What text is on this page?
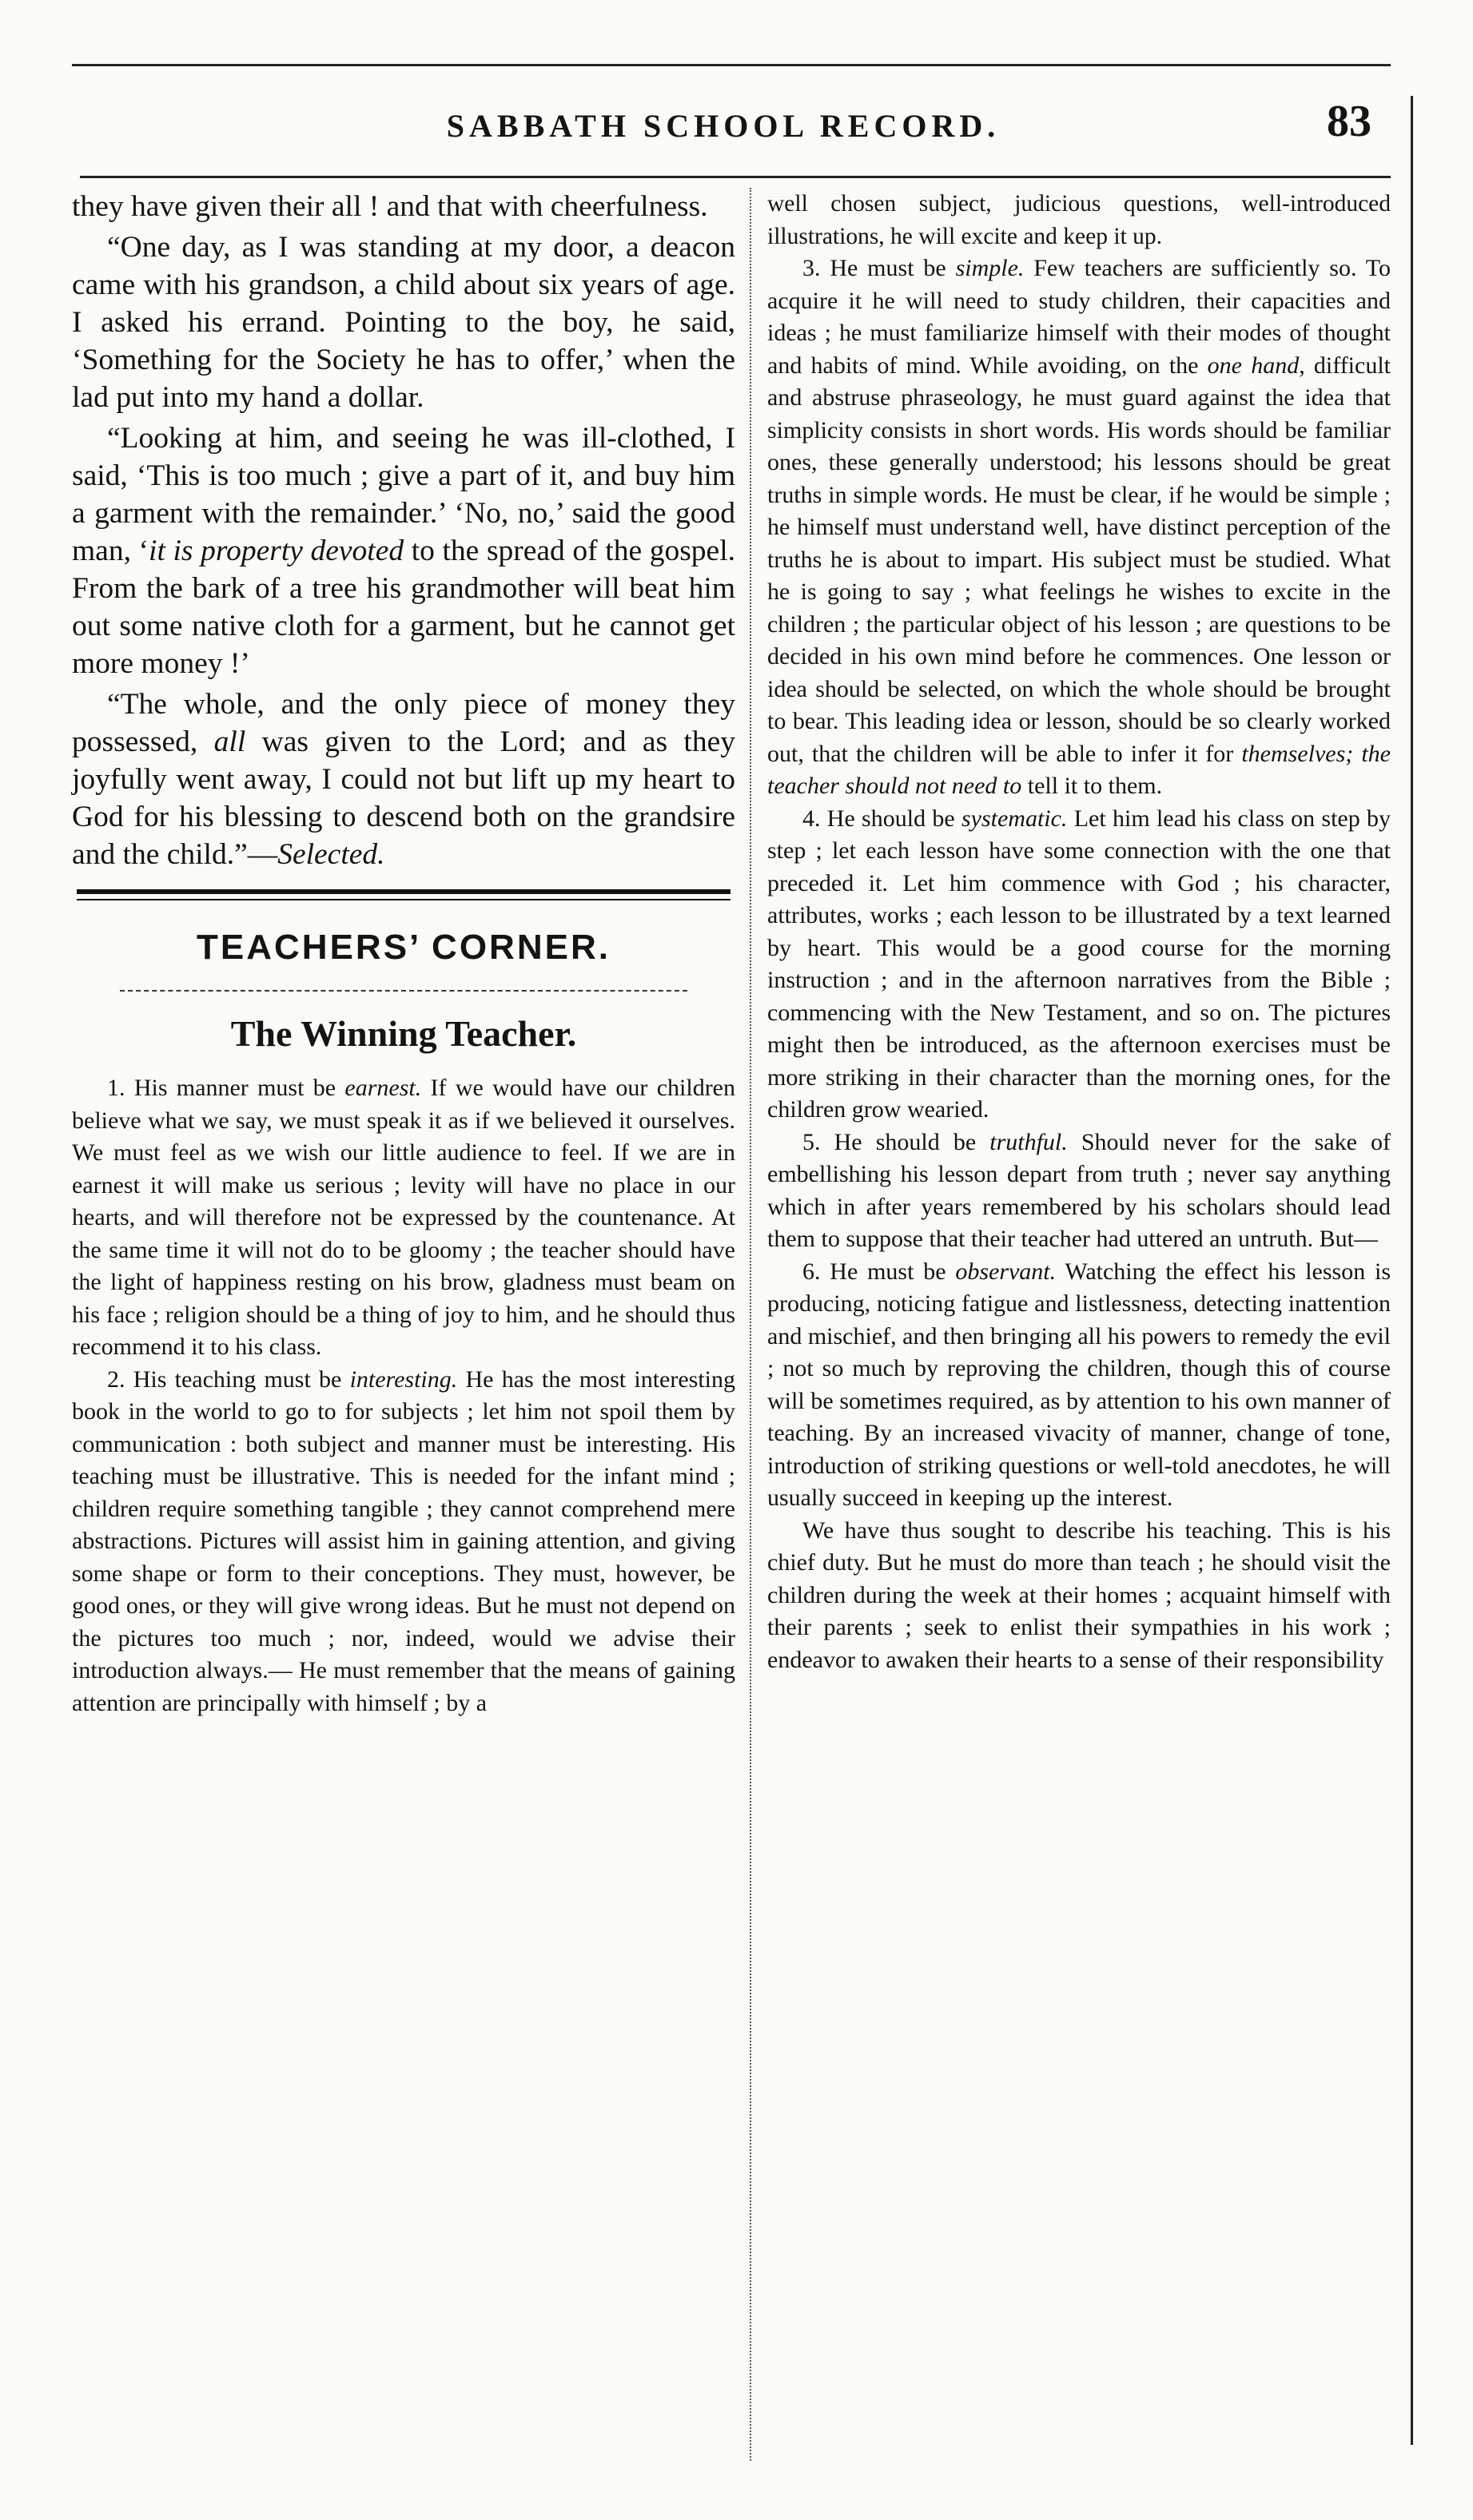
SABBATH SCHOOL RECORD.	83

they have given their all ! and that with cheerfulness.

“One day, as I was standing at my door, a deacon came with his grandson, a child about six years of age. I asked his errand. Pointing to the boy, he said, ‘Something for the Society he has to offer,’ when the lad put into my hand a dollar.

“Looking at him, and seeing he was ill-clothed, I said, ‘This is too much ; give a part of it, and buy him a garment with the remainder.’ ‘No, no,’ said the good man, ‘it is property devoted to the spread of the gospel. From the bark of a tree his grandmother will beat him out some native cloth for a garment, but he cannot get more money !’

“The whole, and the only piece of money they possessed, all was given to the Lord; and as they joyfully went away, I could not but lift up my heart to God for his blessing to descend both on the grandsire and the child.”—Selected.

TEACHERS’ CORNER.
The Winning Teacher.

1. His manner must be earnest. If we would have our children believe what we say, we must speak it as if we believed it ourselves. We must feel as we wish our little audience to feel. If we are in earnest it will make us serious ; levity will have no place in our hearts, and will therefore not be expressed by the countenance. At the same time it will not do to be gloomy ; the teacher should have the light of happiness resting on his brow, gladness must beam on his face ; religion should be a thing of joy to him, and he should thus recommend it to his class.

2. His teaching must be interesting. He has the most interesting book in the world to go to for subjects ; let him not spoil them by communication : both subject and manner must be interesting. His teaching must be illustrative. This is needed for the infant mind ; children require something tangible ; they cannot comprehend mere abstractions. Pictures will assist him in gaining attention, and giving some shape or form to their conceptions. They must, however, be good ones, or they will give wrong ideas. But he must not depend on the pictures too much ; nor, indeed, would we advise their introduction always.— He must remember that the means of gaining attention are principally with himself ; by a

well chosen subject, judicious questions, well-introduced illustrations, he will excite and keep it up.

3. He must be simple. Few teachers are sufficiently so. To acquire it he will need to study children, their capacities and ideas ; he must familiarize himself with their modes of thought and habits of mind. While avoiding, on the one hand, difficult and abstruse phraseology, he must guard against the idea that simplicity consists in short words. His words should be familiar ones, these generally understood; his lessons should be great truths in simple words. He must be clear, if he would be simple ; he himself must understand well, have distinct perception of the truths he is about to impart. His subject must be studied. What he is going to say ; what feelings he wishes to excite in the children ; the particular object of his lesson ; are questions to be decided in his own mind before he commences. One lesson or idea should be selected, on which the whole should be brought to bear. This leading idea or lesson, should be so clearly worked out, that the children will be able to infer it for themselves; the teacher should not need to tell it to them.

4. He should be systematic. Let him lead his class on step by step ; let each lesson have some connection with the one that preceded it. Let him commence with God ; his character, attributes, works ; each lesson to be illustrated by a text learned by heart. This would be a good course for the morning instruction ; and in the afternoon narratives from the Bible ; commencing with the New Testament, and so on. The pictures might then be introduced, as the afternoon exercises must be more striking in their character than the morning ones, for the children grow wearied.

5. He should be truthful. Should never for the sake of embellishing his lesson depart from truth ; never say anything which in after years remembered by his scholars should lead them to suppose that their teacher had uttered an untruth. But—

6. He must be observant. Watching the effect his lesson is producing, noticing fatigue and listlessness, detecting inattention and mischief, and then bringing all his powers to remedy the evil ; not so much by reproving the children, though this of course will be sometimes required, as by attention to his own manner of teaching. By an increased vivacity of manner, change of tone, introduction of striking questions or well-told anecdotes, he will usually succeed in keeping up the interest.

We have thus sought to describe his teaching. This is his chief duty. But he must do more than teach ; he should visit the children during the week at their homes ; acquaint himself with their parents ; seek to enlist their sympathies in his work ; endeavor to awaken their hearts to a sense of their responsibility
